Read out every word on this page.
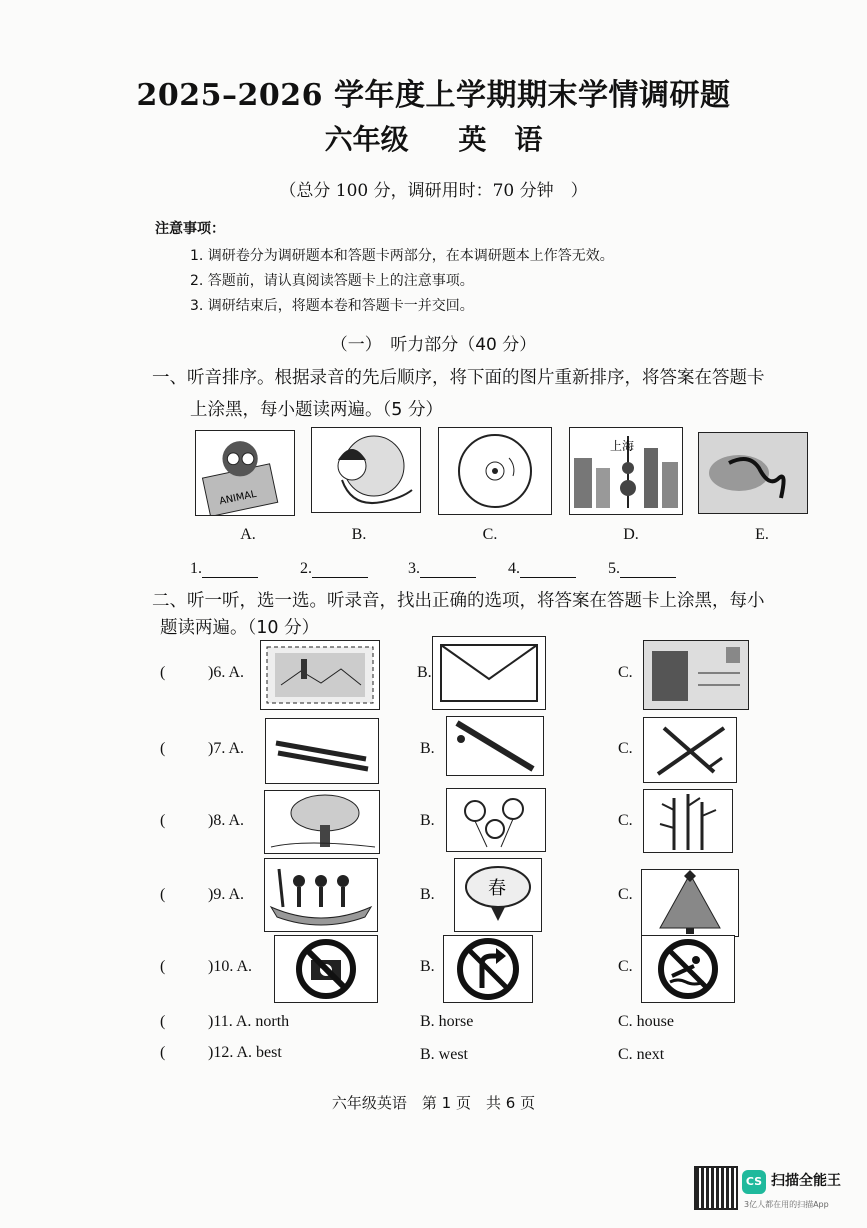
2025–2026 学年度上学期期末学情调研题
六年级 英　语
（总分 100 分，调研用时：70 分钟　）
注意事项：
1. 调研卷分为调研题本和答题卡两部分，在本调研题本上作答无效。
2. 答题前，请认真阅读答题卡上的注意事项。
3. 调研结束后，将题本卷和答题卡一并交回。
（一）　听力部分（40 分）
一、听音排序。根据录音的先后顺序，将下面的图片重新排序，将答案在答题卡
上涂黑，每小题读两遍。（5 分）
ANIMAL
上海
A.	B.	C.	D.	E.
1.	2.	3.	4.	5.
二、听一听，选一选。听录音，找出正确的选项，将答案在答题卡上涂黑，每小
题读两遍。（10 分）
(	)6. A.	B.	C.
(	)7. A.	B.	C.
(	)8. A.	B.	C.
(	)9. A.	B.	春	C.
(	)10. A.	B.	C.
(	)11. A. north	B. horse	C. house
(	)12. A. best	B. west	C. next
六年级英语　第 1 页　共 6 页
CS 扫描全能王
3亿人都在用的扫描App
